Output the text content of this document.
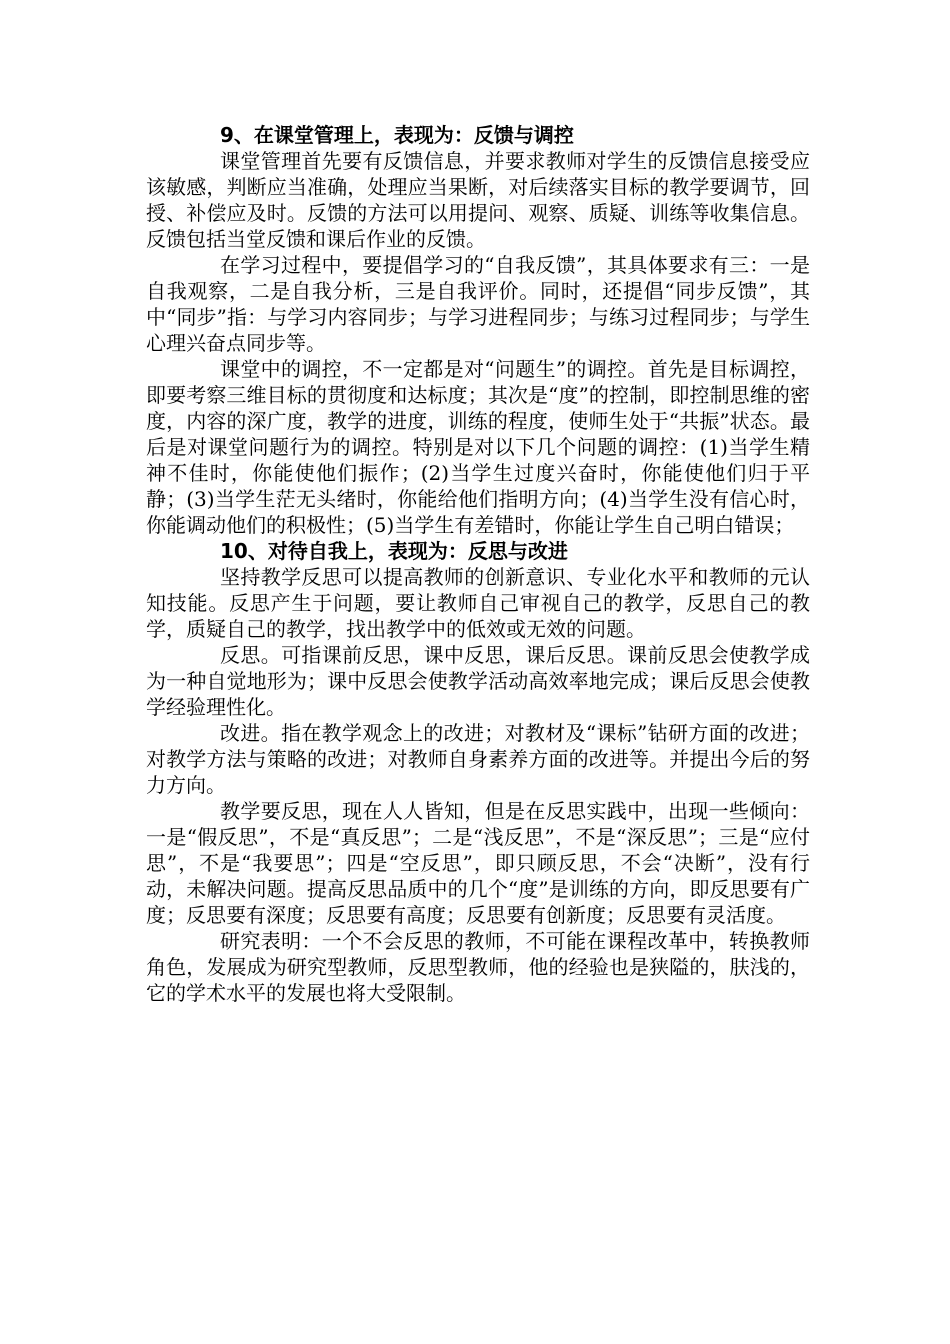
9、在课堂管理上，表现为：反馈与调控

课堂管理首先要有反馈信息，并要求教师对学生的反馈信息接受应该敏感，判断应当准确，处理应当果断，对后续落实目标的教学要调节，回授、补偿应及时。反馈的方法可以用提问、观察、质疑、训练等收集信息。反馈包括当堂反馈和课后作业的反馈。

在学习过程中，要提倡学习的“自我反馈”，其具体要求有三：一是自我观察，二是自我分析，三是自我评价。同时，还提倡“同步反馈”，其中“同步”指：与学习内容同步；与学习进程同步；与练习过程同步；与学生心理兴奋点同步等。

课堂中的调控，不一定都是对“问题生”的调控。首先是目标调控，即要考察三维目标的贯彻度和达标度；其次是“度”的控制，即控制思维的密度，内容的深广度，教学的进度，训练的程度，使师生处于“共振”状态。最后是对课堂问题行为的调控。特别是对以下几个问题的调控：(1)当学生精神不佳时，你能使他们振作；(2)当学生过度兴奋时，你能使他们归于平静；(3)当学生茫无头绪时，你能给他们指明方向；(4)当学生没有信心时，你能调动他们的积极性；(5)当学生有差错时，你能让学生自己明白错误；

10、对待自我上，表现为：反思与改进

坚持教学反思可以提高教师的创新意识、专业化水平和教师的元认知技能。反思产生于问题，要让教师自己审视自己的教学，反思自己的教学，质疑自己的教学，找出教学中的低效或无效的问题。

反思。可指课前反思，课中反思，课后反思。课前反思会使教学成为一种自觉地形为；课中反思会使教学活动高效率地完成；课后反思会使教学经验理性化。

改进。指在教学观念上的改进；对教材及“课标”钻研方面的改进；对教学方法与策略的改进；对教师自身素养方面的改进等。并提出今后的努力方向。

教学要反思，现在人人皆知，但是在反思实践中，出现一些倾向：一是“假反思”，不是“真反思”；二是“浅反思”，不是“深反思”；三是“应付思”，不是“我要思”；四是“空反思”，即只顾反思，不会“决断”，没有行动，未解决问题。提高反思品质中的几个“度”是训练的方向，即反思要有广度；反思要有深度；反思要有高度；反思要有创新度；反思要有灵活度。

研究表明：一个不会反思的教师，不可能在课程改革中，转换教师角色，发展成为研究型教师，反思型教师，他的经验也是狭隘的，肤浅的，它的学术水平的发展也将大受限制。
